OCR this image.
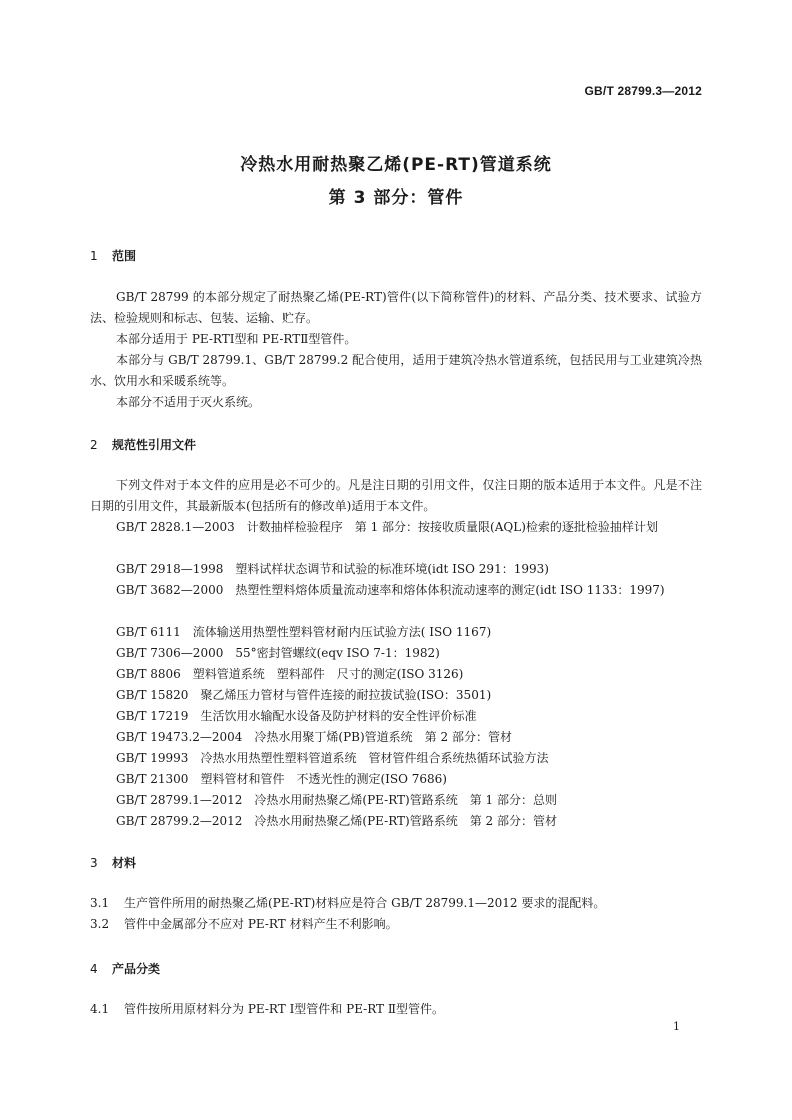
GB/T 28799.3—2012
冷热水用耐热聚乙烯(PE-RT)管道系统
第 3 部分：管件
1 范围
GB/T 28799 的本部分规定了耐热聚乙烯(PE-RT)管件(以下简称管件)的材料、产品分类、技术要求、试验方法、检验规则和标志、包装、运输、贮存。
本部分适用于 PE-RTⅠ型和 PE-RTⅡ型管件。
本部分与 GB/T 28799.1、GB/T 28799.2 配合使用，适用于建筑冷热水管道系统，包括民用与工业建筑冷热水、饮用水和采暖系统等。
本部分不适用于灭火系统。
2 规范性引用文件
下列文件对于本文件的应用是必不可少的。凡是注日期的引用文件，仅注日期的版本适用于本文件。凡是不注日期的引用文件，其最新版本(包括所有的修改单)适用于本文件。
GB/T 2828.1—2003　计数抽样检验程序　第 1 部分：按接收质量限(AQL)检索的逐批检验抽样计划
GB/T 2918—1998　塑料试样状态调节和试验的标准环境(idt ISO 291：1993)
GB/T 3682—2000　热塑性塑料熔体质量流动速率和熔体体积流动速率的测定(idt ISO 1133：1997)
GB/T 6111　流体输送用热塑性塑料管材耐内压试验方法( ISO 1167)
GB/T 7306—2000　55°密封管螺纹(eqv ISO 7-1：1982)
GB/T 8806　塑料管道系统　塑料部件　尺寸的测定(ISO 3126)
GB/T 15820　聚乙烯压力管材与管件连接的耐拉拔试验(ISO：3501)
GB/T 17219　生活饮用水输配水设备及防护材料的安全性评价标准
GB/T 19473.2—2004　冷热水用聚丁烯(PB)管道系统　第 2 部分：管材
GB/T 19993　冷热水用热塑性塑料管道系统　管材管件组合系统热循环试验方法
GB/T 21300　塑料管材和管件　不透光性的测定(ISO 7686)
GB/T 28799.1—2012　冷热水用耐热聚乙烯(PE-RT)管路系统　第 1 部分：总则
GB/T 28799.2—2012　冷热水用耐热聚乙烯(PE-RT)管路系统　第 2 部分：管材
3 材料
3.1 生产管件所用的耐热聚乙烯(PE-RT)材料应是符合 GB/T 28799.1—2012 要求的混配料。
3.2 管件中金属部分不应对 PE-RT 材料产生不利影响。
4 产品分类
4.1 管件按所用原材料分为 PE-RT Ⅰ型管件和 PE-RT Ⅱ型管件。
1
